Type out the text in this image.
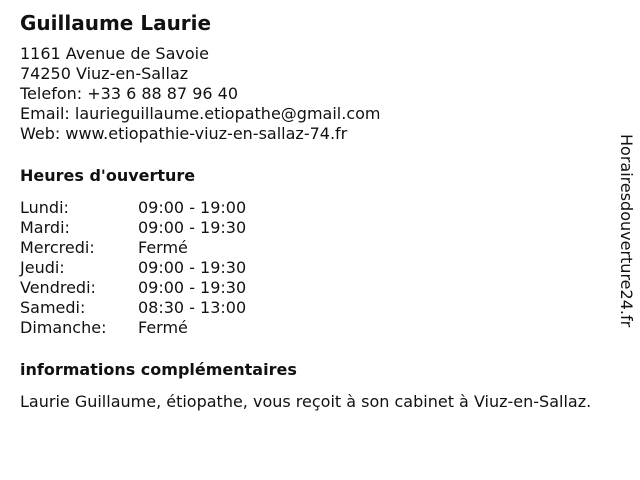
Guillaume Laurie
1161 Avenue de Savoie
74250 Viuz-en-Sallaz
Telefon: +33 6 88 87 96 40
Email: laurieguillaume.etiopathe@gmail.com
Web: www.etiopathie-viuz-en-sallaz-74.fr
Heures d'ouverture
Lundi:	09:00 - 19:00
Mardi:	09:00 - 19:30
Mercredi:	Fermé
Jeudi:	09:00 - 19:30
Vendredi:	09:00 - 19:30
Samedi:	08:30 - 13:00
Dimanche:	Fermé
informations complémentaires
Laurie Guillaume, étiopathe, vous reçoit à son cabinet à Viuz-en-Sallaz.
Horairesdouverture24.fr
